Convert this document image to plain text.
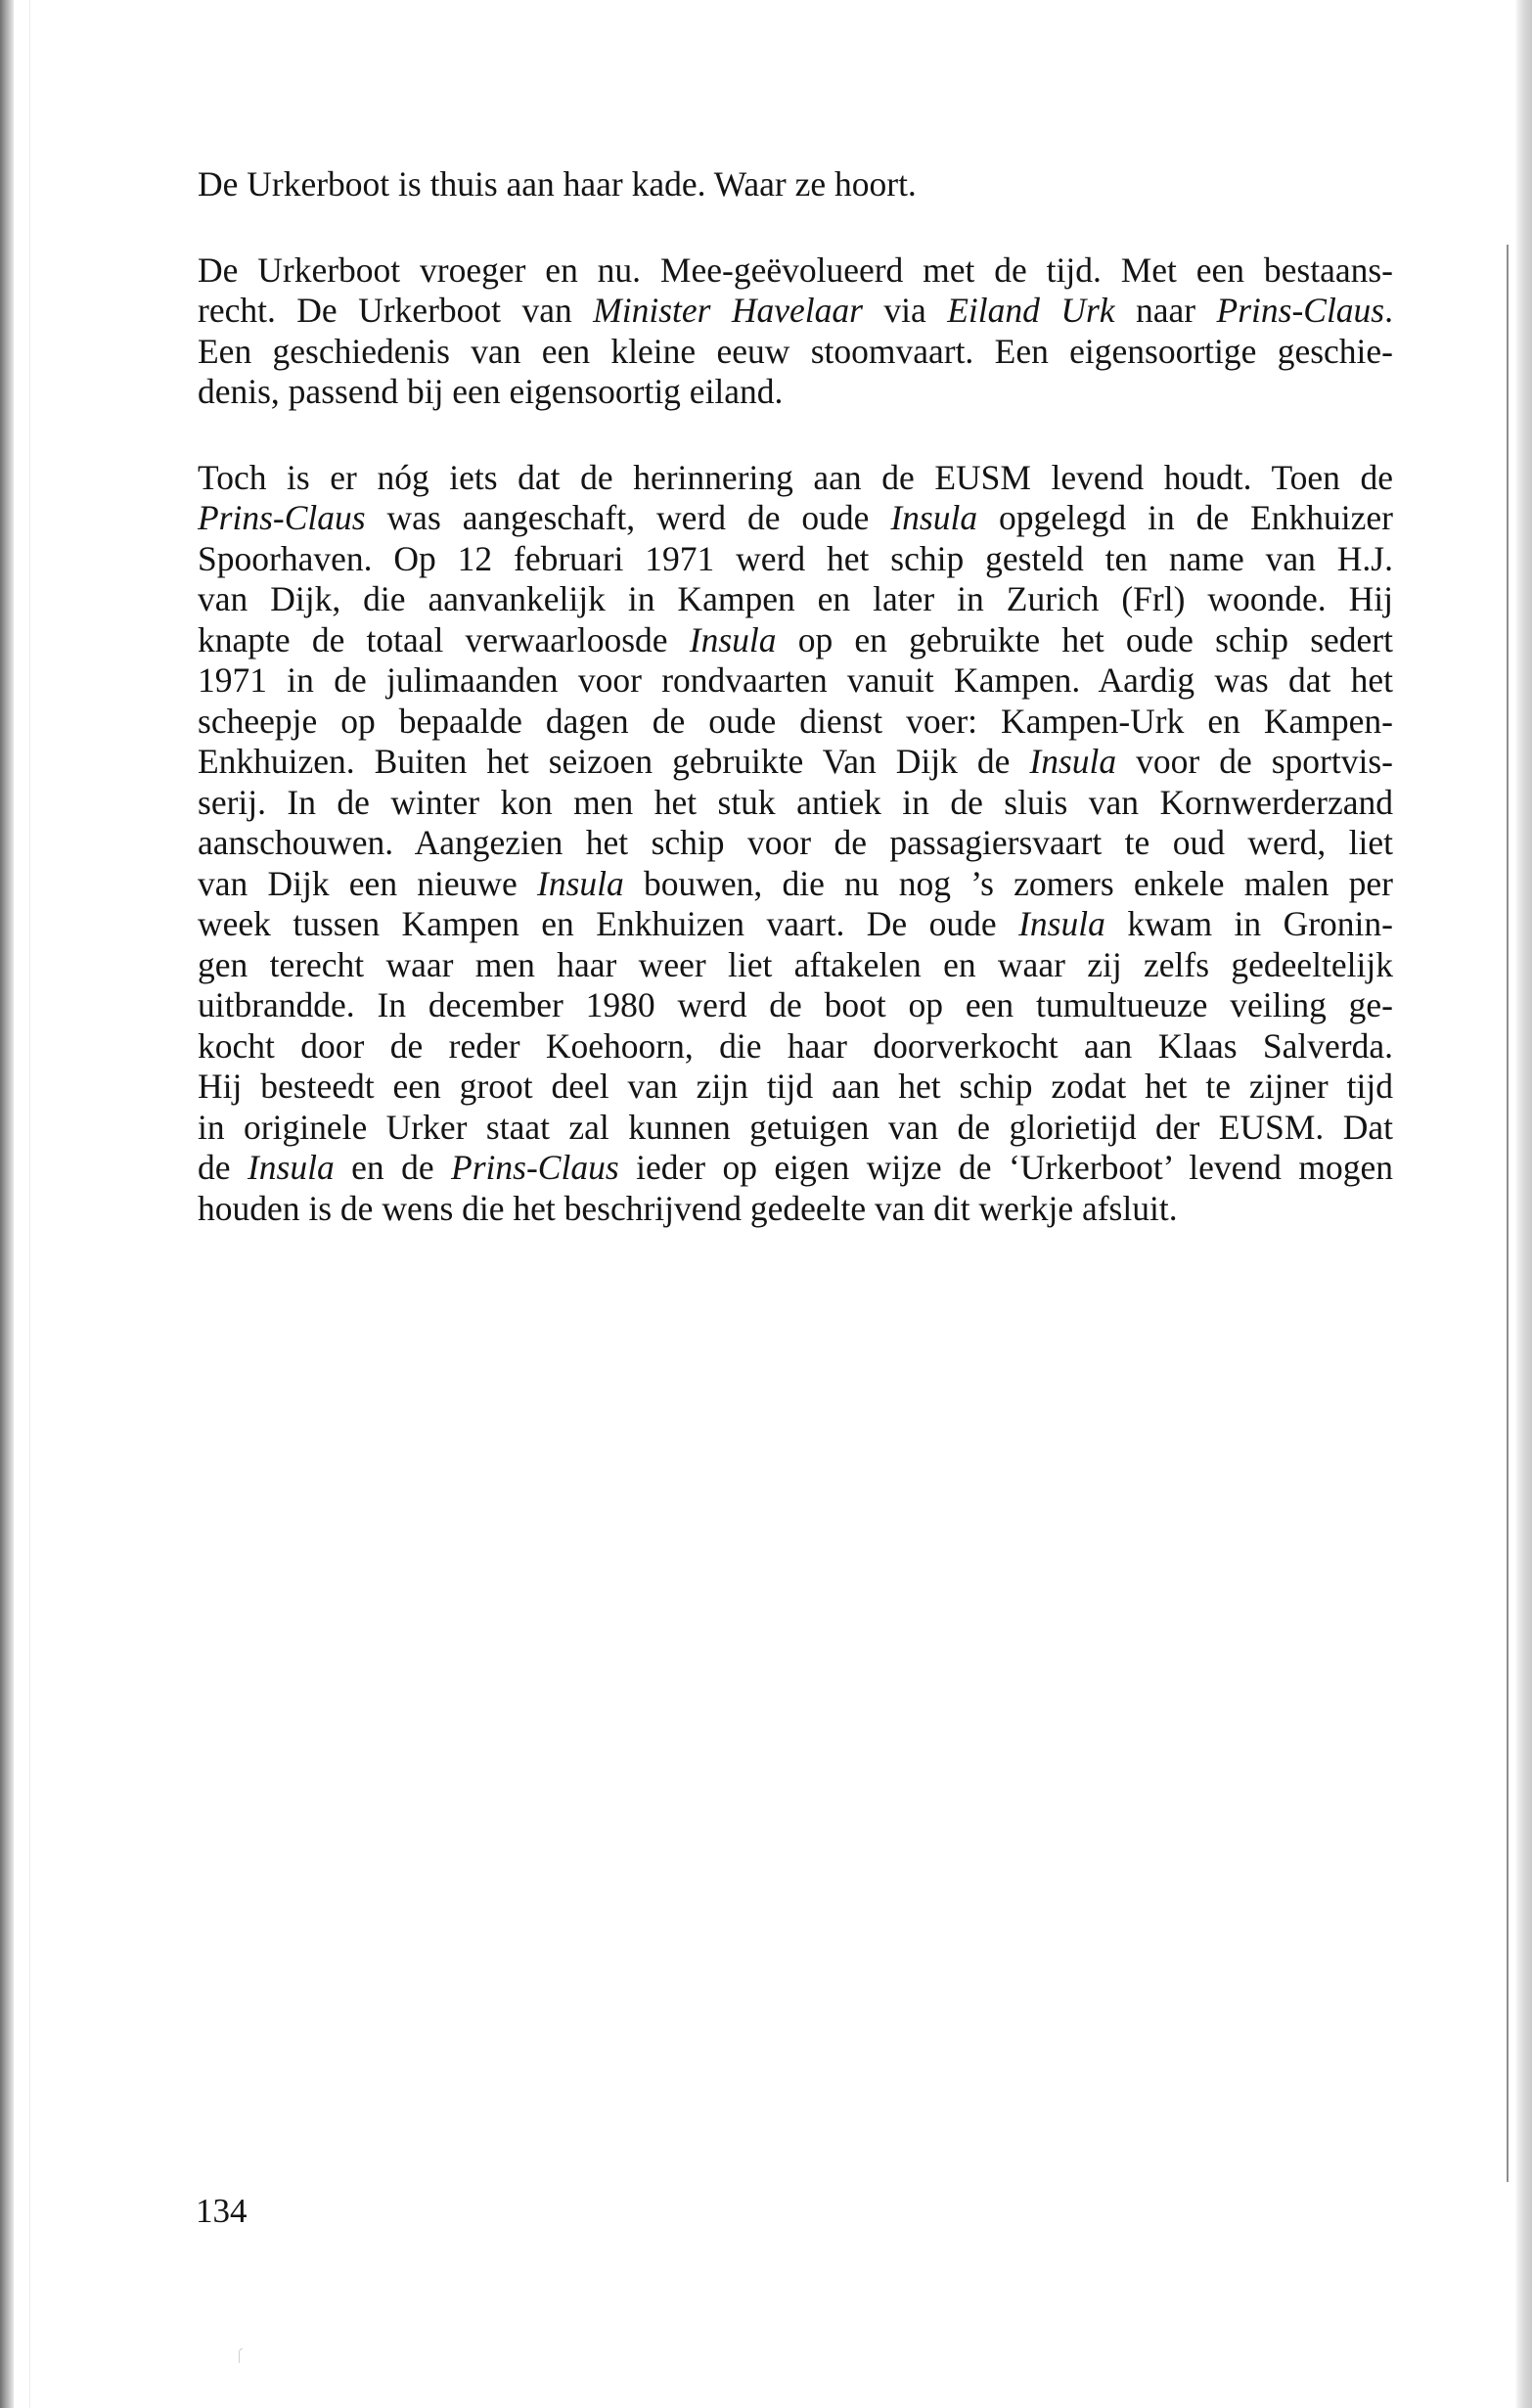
De Urkerboot is thuis aan haar kade. Waar ze hoort.
De Urkerboot vroeger en nu. Mee-geëvolueerd met de tijd. Met een bestaans-
recht. De Urkerboot van Minister Havelaar via Eiland Urk naar Prins-Claus.
Een geschiedenis van een kleine eeuw stoomvaart. Een eigensoortige geschie-
denis, passend bij een eigensoortig eiland.
Toch is er nóg iets dat de herinnering aan de EUSM levend houdt. Toen de
Prins-Claus was aangeschaft, werd de oude Insula opgelegd in de Enkhuizer
Spoorhaven. Op 12 februari 1971 werd het schip gesteld ten name van H.J.
van Dijk, die aanvankelijk in Kampen en later in Zurich (Frl) woonde. Hij
knapte de totaal verwaarloosde Insula op en gebruikte het oude schip sedert
1971 in de julimaanden voor rondvaarten vanuit Kampen. Aardig was dat het
scheepje op bepaalde dagen de oude dienst voer: Kampen-Urk en Kampen-
Enkhuizen. Buiten het seizoen gebruikte Van Dijk de Insula voor de sportvis-
serij. In de winter kon men het stuk antiek in de sluis van Kornwerderzand
aanschouwen. Aangezien het schip voor de passagiersvaart te oud werd, liet
van Dijk een nieuwe Insula bouwen, die nu nog ’s zomers enkele malen per
week tussen Kampen en Enkhuizen vaart. De oude Insula kwam in Gronin-
gen terecht waar men haar weer liet aftakelen en waar zij zelfs gedeeltelijk
uitbrandde. In december 1980 werd de boot op een tumultueuze veiling ge-
kocht door de reder Koehoorn, die haar doorverkocht aan Klaas Salverda.
Hij besteedt een groot deel van zijn tijd aan het schip zodat het te zijner tijd
in originele Urker staat zal kunnen getuigen van de glorietijd der EUSM. Dat
de Insula en de Prins-Claus ieder op eigen wijze de ‘Urkerboot’ levend mogen
houden is de wens die het beschrijvend gedeelte van dit werkje afsluit.
134
